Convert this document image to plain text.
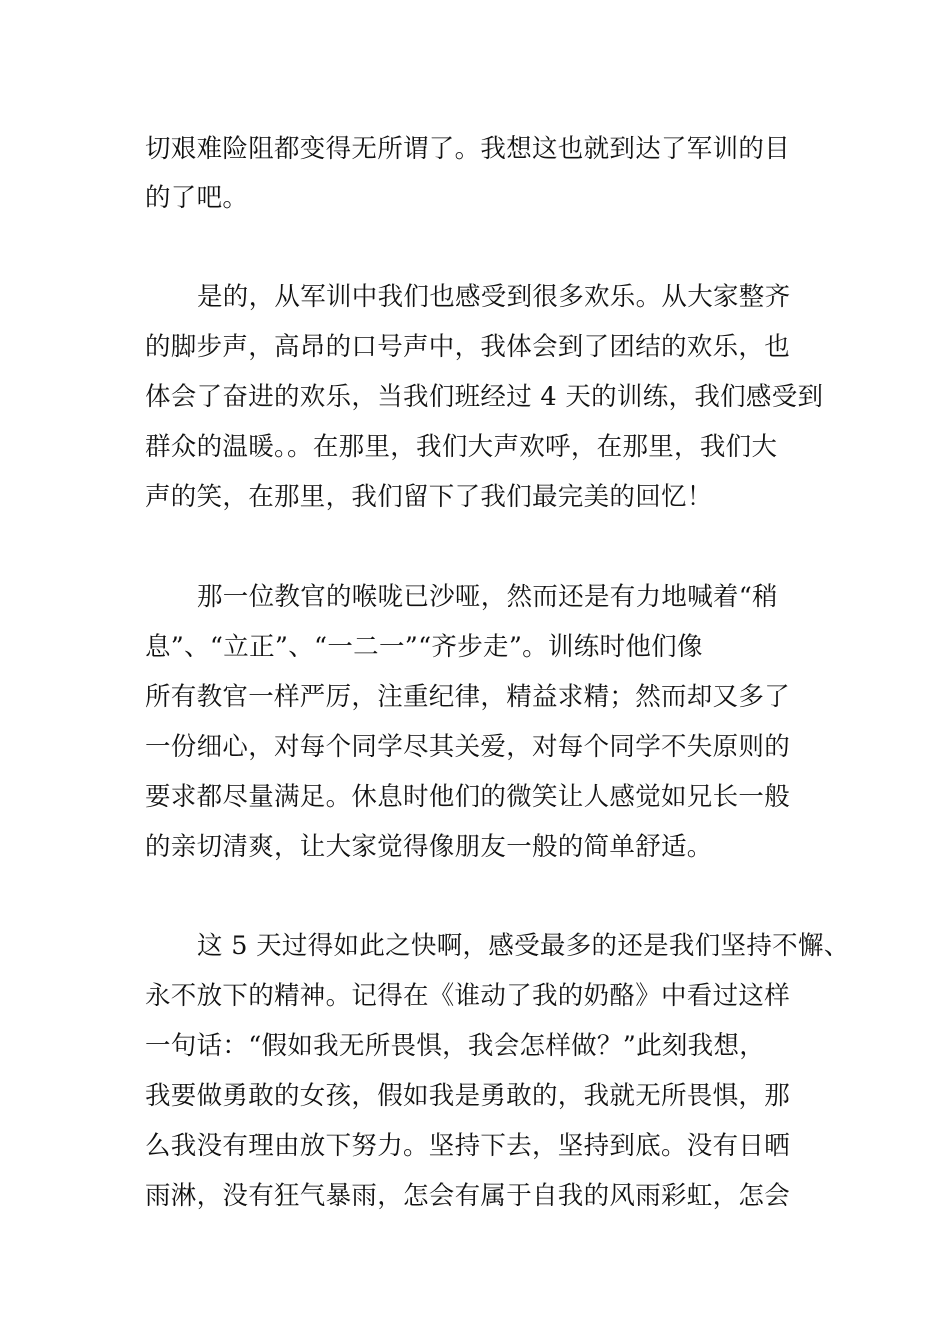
切艰难险阻都变得无所谓了。我想这也就到达了军训的目
的了吧。
是的，从军训中我们也感受到很多欢乐。从大家整齐
的脚步声，高昂的口号声中，我体会到了团结的欢乐，也
体会了奋进的欢乐，当我们班经过 4 天的训练，我们感受到
群众的温暖。。在那里，我们大声欢呼，在那里，我们大
声的笑，在那里，我们留下了我们最完美的回忆！
那一位教官的喉咙已沙哑，然而还是有力地喊着“稍
息”、“立正”、“一二一”“齐步走”。训练时他们像
所有教官一样严厉，注重纪律，精益求精；然而却又多了
一份细心，对每个同学尽其关爱，对每个同学不失原则的
要求都尽量满足。休息时他们的微笑让人感觉如兄长一般
的亲切清爽，让大家觉得像朋友一般的简单舒适。
这 5 天过得如此之快啊，感受最多的还是我们坚持不懈、
永不放下的精神。记得在《谁动了我的奶酪》中看过这样
一句话：“假如我无所畏惧，我会怎样做？”此刻我想，
我要做勇敢的女孩，假如我是勇敢的，我就无所畏惧，那
么我没有理由放下努力。坚持下去，坚持到底。没有日晒
雨淋，没有狂气暴雨，怎会有属于自我的风雨彩虹，怎会
